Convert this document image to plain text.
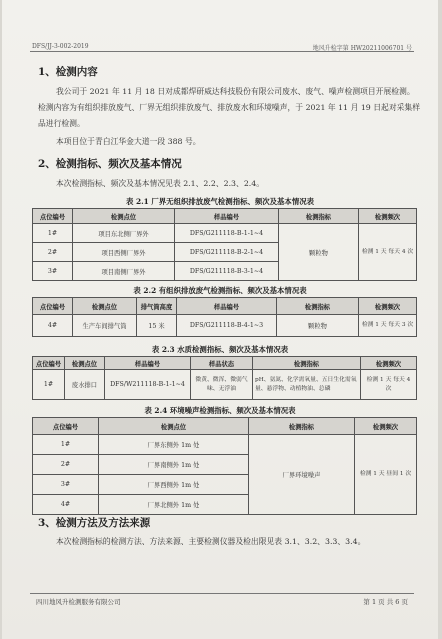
DFS/JJ-3-002-2019	地风升检字第 HW20211006701 号
1、检测内容
我公司于 2021 年 11 月 18 日对成都焊研威达科技股份有限公司废水、废气、噪声检测项目开展检测。检测内容为有组织排放废气、厂界无组织排放废气、排放废水和环境噪声，于 2021 年 11 月 19 日起对采集样品进行检测。
本项目位于青白江华金大道一段 388 号。
2、检测指标、频次及基本情况
本次检测指标、频次及基本情况见表 2.1、2.2、2.3、2.4。
表 2.1 厂界无组织排放废气检测指标、频次及基本情况表
点位编号	检测点位	样品编号	检测指标	检测频次
1#	项目东北侧厂界外	DFS/G211118-B-1-1~4	颗粒物	检测 1 天 每天 4 次
2#	项目西侧厂界外	DFS/G211118-B-2-1~4		
3#	项目南侧厂界外	DFS/G211118-B-3-1~4		
表 2.2 有组织排放废气检测指标、频次及基本情况表
点位编号	检测点位	排气筒高度	样品编号	检测指标	检测频次
4#	生产车间排气筒	15 米	DFS/G211118-B-4-1~3	颗粒物	检测 1 天 每天 3 次
表 2.3 水质检测指标、频次及基本情况表
点位编号	检测点位	样品编号	样品状态	检测指标	检测频次
1#	废水排口	DFS/W211118-B-1-1~4	微黄、微浑、微弱气味、无浮油	pH、氨氮、化学需氧量、五日生化需氧量、悬浮物、动植物油、总磷	检测 1 天 每天 4 次
表 2.4 环境噪声检测指标、频次及基本情况表
点位编号	检测点位	检测指标	检测频次
1#	厂界东侧外 1m 处	厂界环境噪声	检测 1 天 昼间 1 次
2#	厂界南侧外 1m 处		
3#	厂界西侧外 1m 处		
4#	厂界北侧外 1m 处		
3、检测方法及方法来源
本次检测指标的检测方法、方法来源、主要检测仪器及检出限见表 3.1、3.2、3.3、3.4。
四川地风升检测服务有限公司	第 1 页 共 6 页
